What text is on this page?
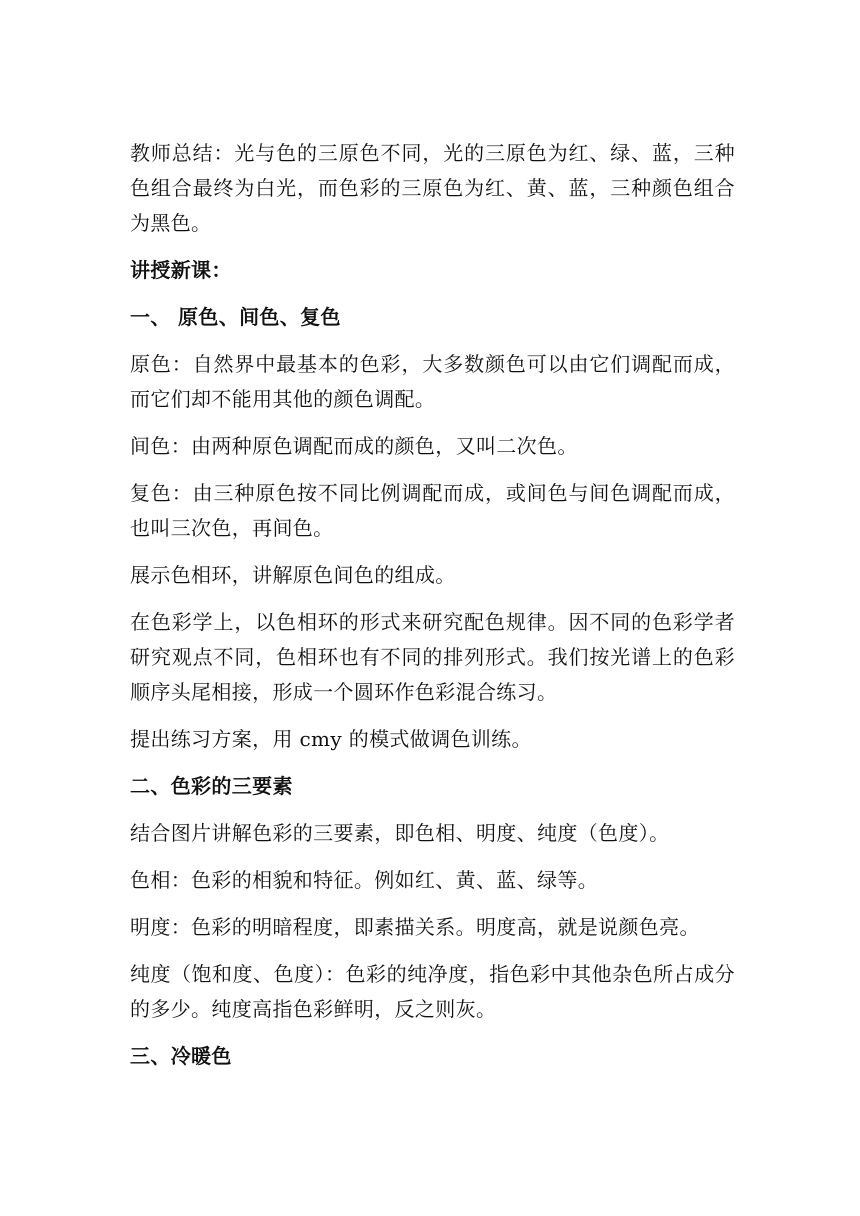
教师总结：光与色的三原色不同，光的三原色为红、绿、蓝，三种色组合最终为白光，而色彩的三原色为红、黄、蓝，三种颜色组合为黑色。

讲授新课：

一、 原色、间色、复色

原色：自然界中最基本的色彩，大多数颜色可以由它们调配而成，而它们却不能用其他的颜色调配。

间色：由两种原色调配而成的颜色，又叫二次色。

复色：由三种原色按不同比例调配而成，或间色与间色调配而成，也叫三次色，再间色。

展示色相环，讲解原色间色的组成。

在色彩学上，以色相环的形式来研究配色规律。因不同的色彩学者研究观点不同，色相环也有不同的排列形式。我们按光谱上的色彩顺序头尾相接，形成一个圆环作色彩混合练习。

提出练习方案，用 cmy 的模式做调色训练。

二、色彩的三要素

结合图片讲解色彩的三要素，即色相、明度、纯度（色度）。

色相：色彩的相貌和特征。例如红、黄、蓝、绿等。

明度：色彩的明暗程度，即素描关系。明度高，就是说颜色亮。

纯度（饱和度、色度）：色彩的纯净度，指色彩中其他杂色所占成分的多少。纯度高指色彩鲜明，反之则灰。

三、冷暖色
